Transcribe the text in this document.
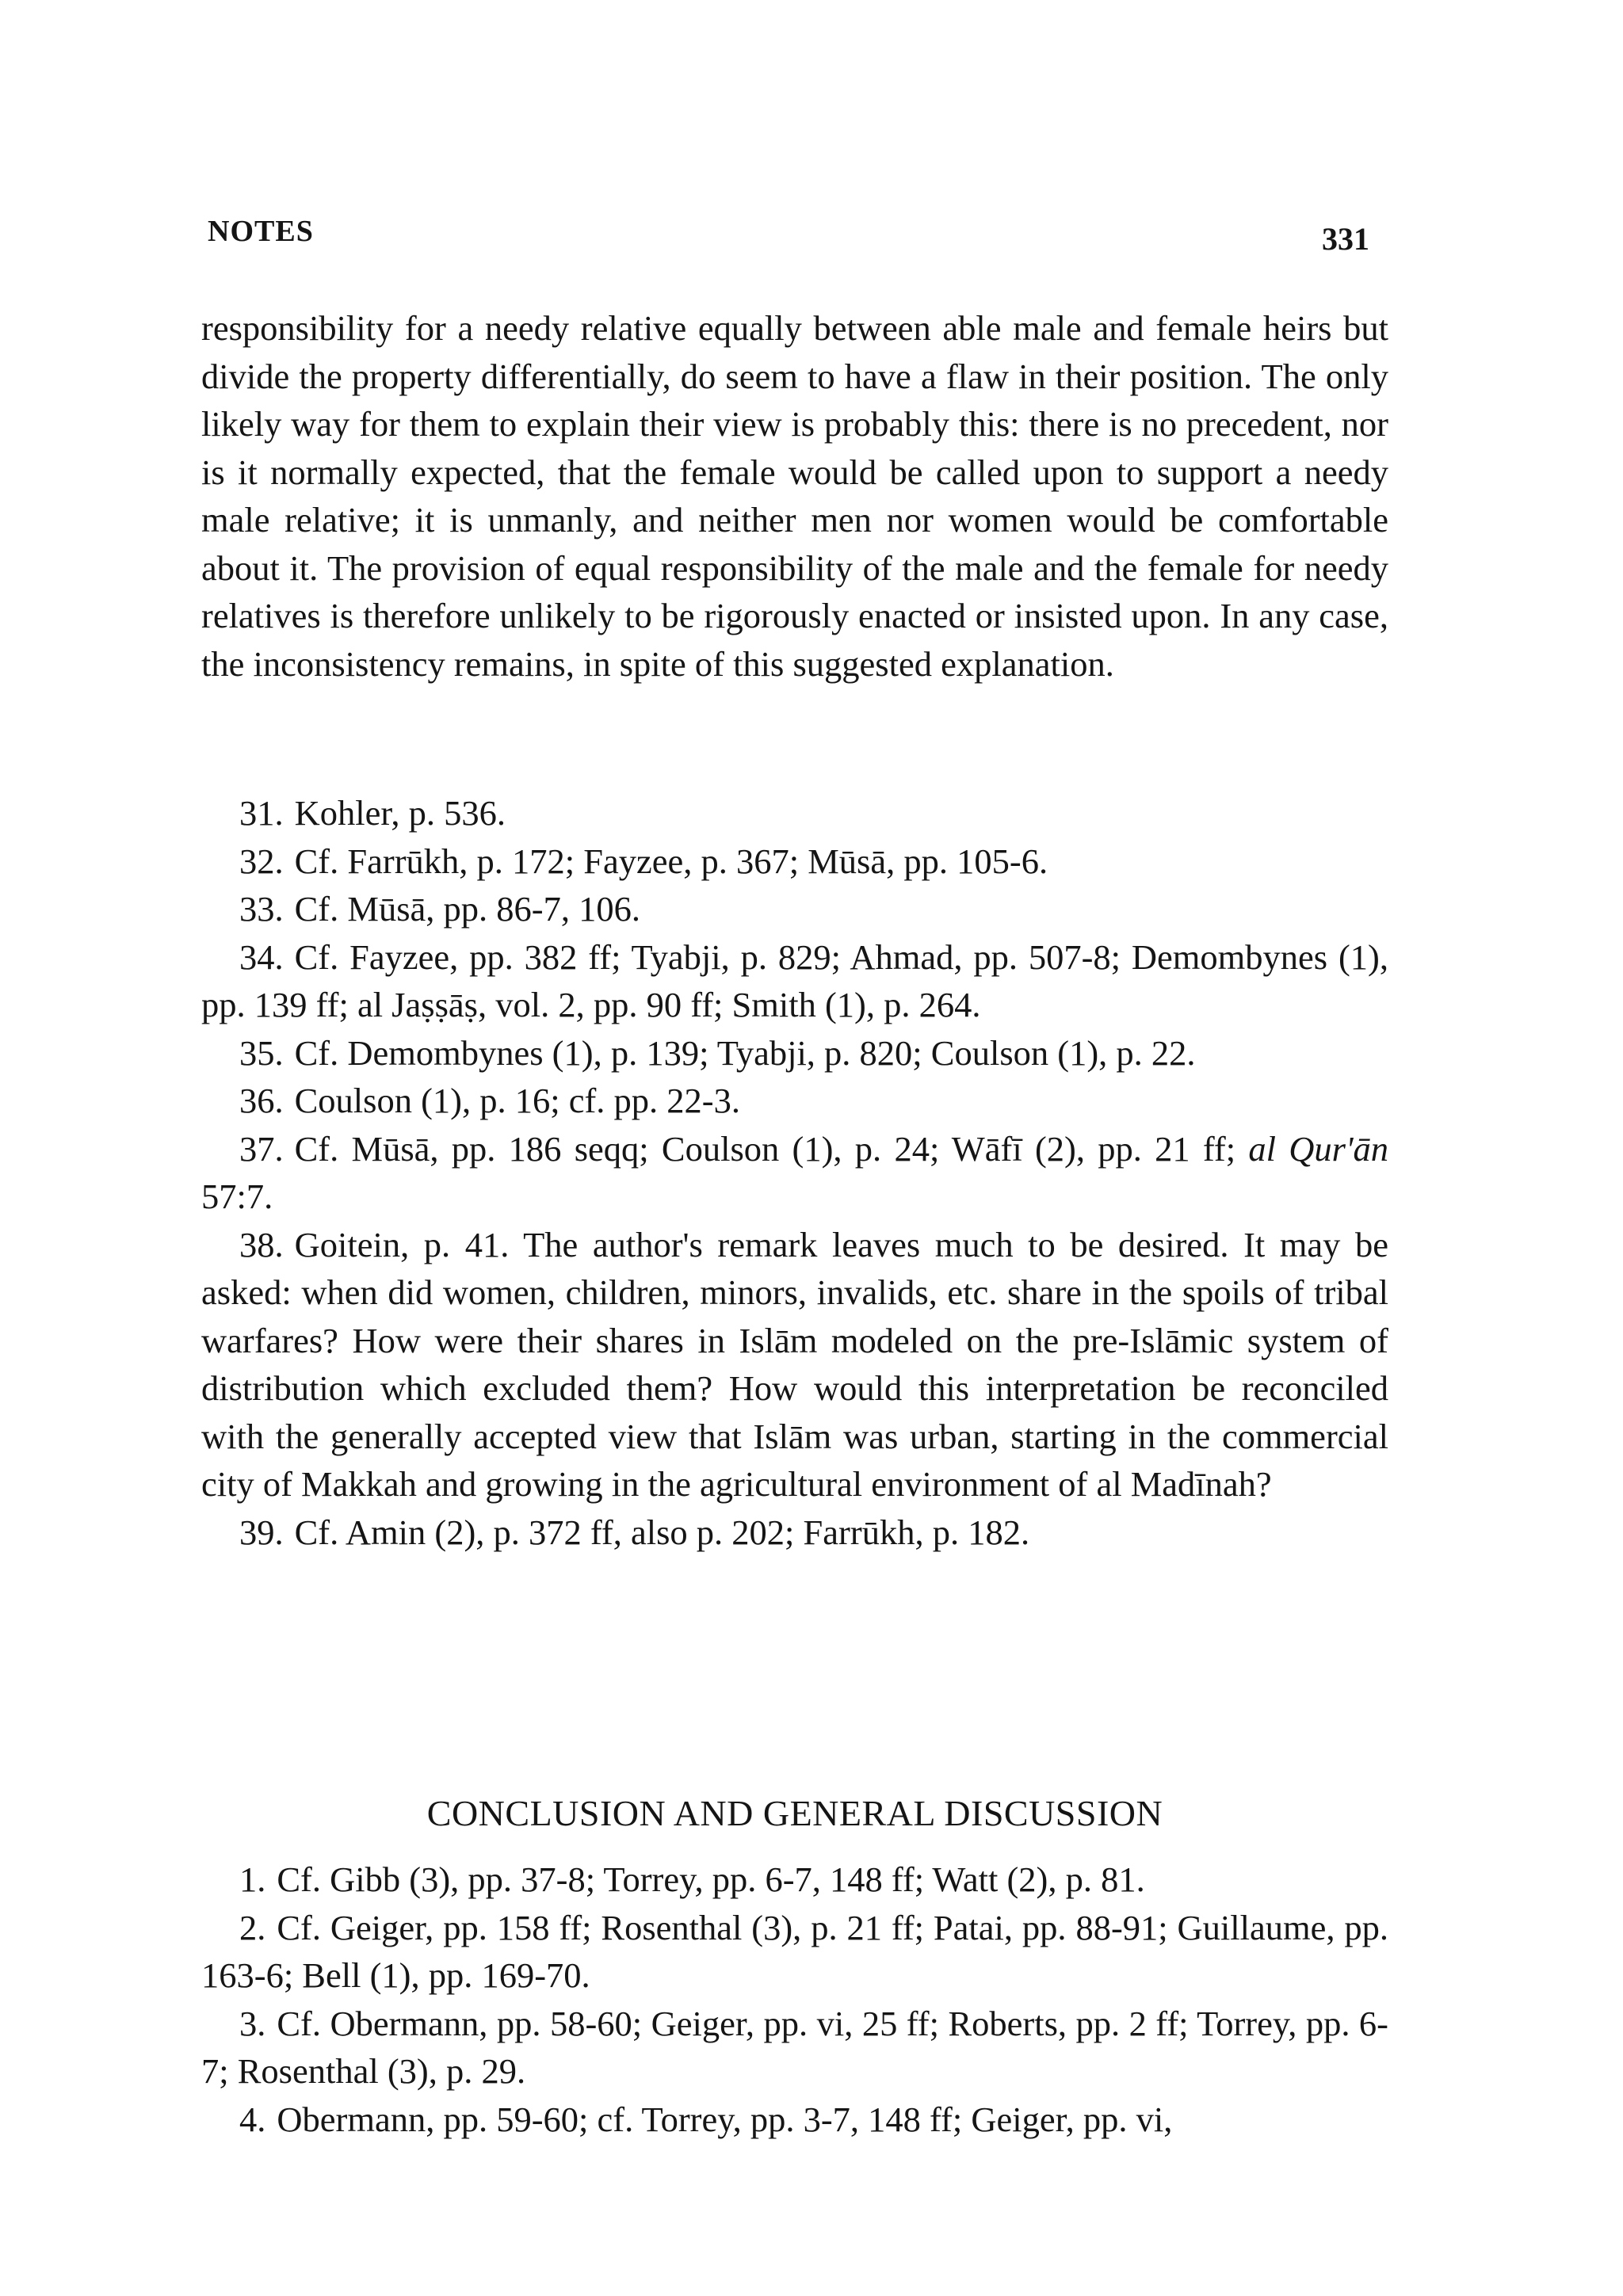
NOTES	331

responsibility for a needy relative equally between able male and female heirs but divide the property differentially, do seem to have a flaw in their position. The only likely way for them to explain their view is probably this: there is no precedent, nor is it normally expected, that the female would be called upon to support a needy male relative; it is unmanly, and neither men nor women would be comfortable about it. The provision of equal responsibility of the male and the female for needy relatives is therefore unlikely to be rigorously enacted or insisted upon. In any case, the inconsistency remains, in spite of this suggested explanation.

31. Kohler, p. 536.
32. Cf. Farrūkh, p. 172; Fayzee, p. 367; Mūsā, pp. 105-6.
33. Cf. Mūsā, pp. 86-7, 106.
34. Cf. Fayzee, pp. 382 ff; Tyabji, p. 829; Ahmad, pp. 507-8; Demombynes (1), pp. 139 ff; al Jaṣṣāṣ, vol. 2, pp. 90 ff; Smith (1), p. 264.
35. Cf. Demombynes (1), p. 139; Tyabji, p. 820; Coulson (1), p. 22.
36. Coulson (1), p. 16; cf. pp. 22-3.
37. Cf. Mūsā, pp. 186 seqq; Coulson (1), p. 24; Wāfī (2), pp. 21 ff; al Qur'ān 57:7.
38. Goitein, p. 41. The author's remark leaves much to be desired. It may be asked: when did women, children, minors, invalids, etc. share in the spoils of tribal warfares? How were their shares in Islām modeled on the pre-Islāmic system of distribution which excluded them? How would this interpretation be reconciled with the generally accepted view that Islām was urban, starting in the commercial city of Makkah and growing in the agricultural environment of al Madīnah?
39. Cf. Amin (2), p. 372 ff, also p. 202; Farrūkh, p. 182.
CONCLUSION AND GENERAL DISCUSSION
1. Cf. Gibb (3), pp. 37-8; Torrey, pp. 6-7, 148 ff; Watt (2), p. 81.
2. Cf. Geiger, pp. 158 ff; Rosenthal (3), p. 21 ff; Patai, pp. 88-91; Guillaume, pp. 163-6; Bell (1), pp. 169-70.
3. Cf. Obermann, pp. 58-60; Geiger, pp. vi, 25 ff; Roberts, pp. 2 ff; Torrey, pp. 6-7; Rosenthal (3), p. 29.
4. Obermann, pp. 59-60; cf. Torrey, pp. 3-7, 148 ff; Geiger, pp. vi,
